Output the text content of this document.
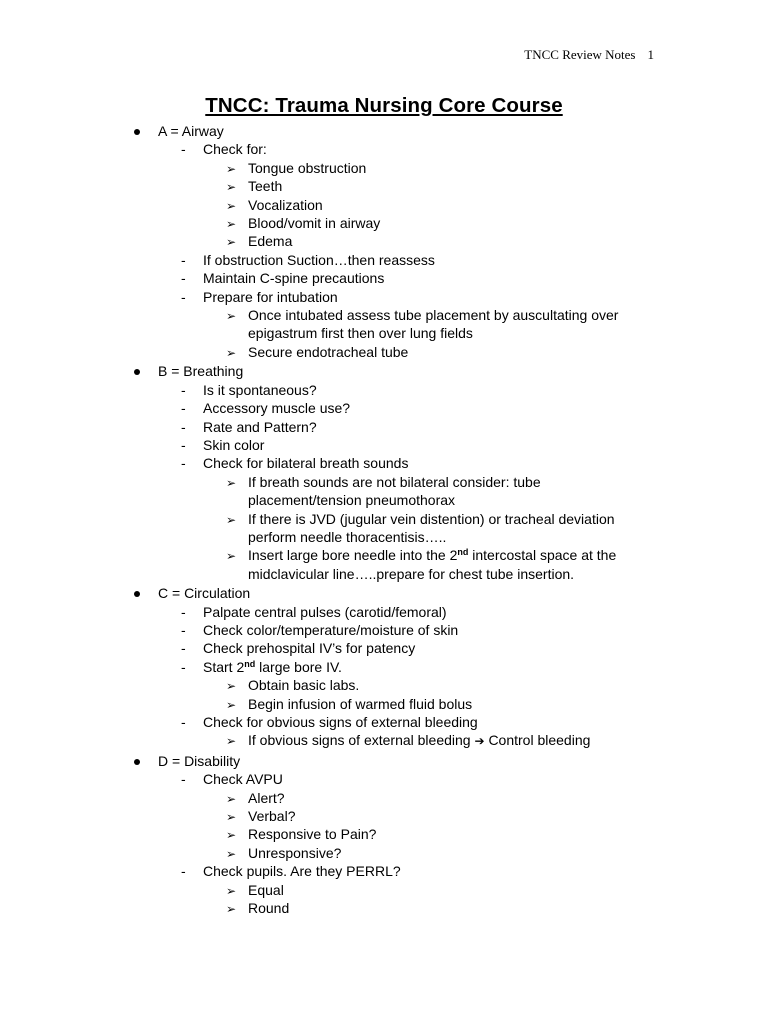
TNCC Review Notes 1
TNCC: Trauma Nursing Core Course
A = Airway
- Check for:
➢ Tongue obstruction
➢ Teeth
➢ Vocalization
➢ Blood/vomit in airway
➢ Edema
- If obstruction Suction…then reassess
- Maintain C-spine precautions
- Prepare for intubation
➢ Once intubated assess tube placement by auscultating over epigastrum first then over lung fields
➢ Secure endotracheal tube
B = Breathing
- Is it spontaneous?
- Accessory muscle use?
- Rate and Pattern?
- Skin color
- Check for bilateral breath sounds
➢ If breath sounds are not bilateral consider: tube placement/tension pneumothorax
➢ If there is JVD (jugular vein distention) or tracheal deviation perform needle thoracentisis…..
➢ Insert large bore needle into the 2nd intercostal space at the midclavicular line…..prepare for chest tube insertion.
C = Circulation
- Palpate central pulses (carotid/femoral)
- Check color/temperature/moisture of skin
- Check prehospital IV’s for patency
- Start 2nd large bore IV.
➢ Obtain basic labs.
➢ Begin infusion of warmed fluid bolus
- Check for obvious signs of external bleeding
➢ If obvious signs of external bleeding ➔ Control bleeding
D = Disability
- Check AVPU
➢ Alert?
➢ Verbal?
➢ Responsive to Pain?
➢ Unresponsive?
- Check pupils. Are they PERRL?
➢ Equal
➢ Round
